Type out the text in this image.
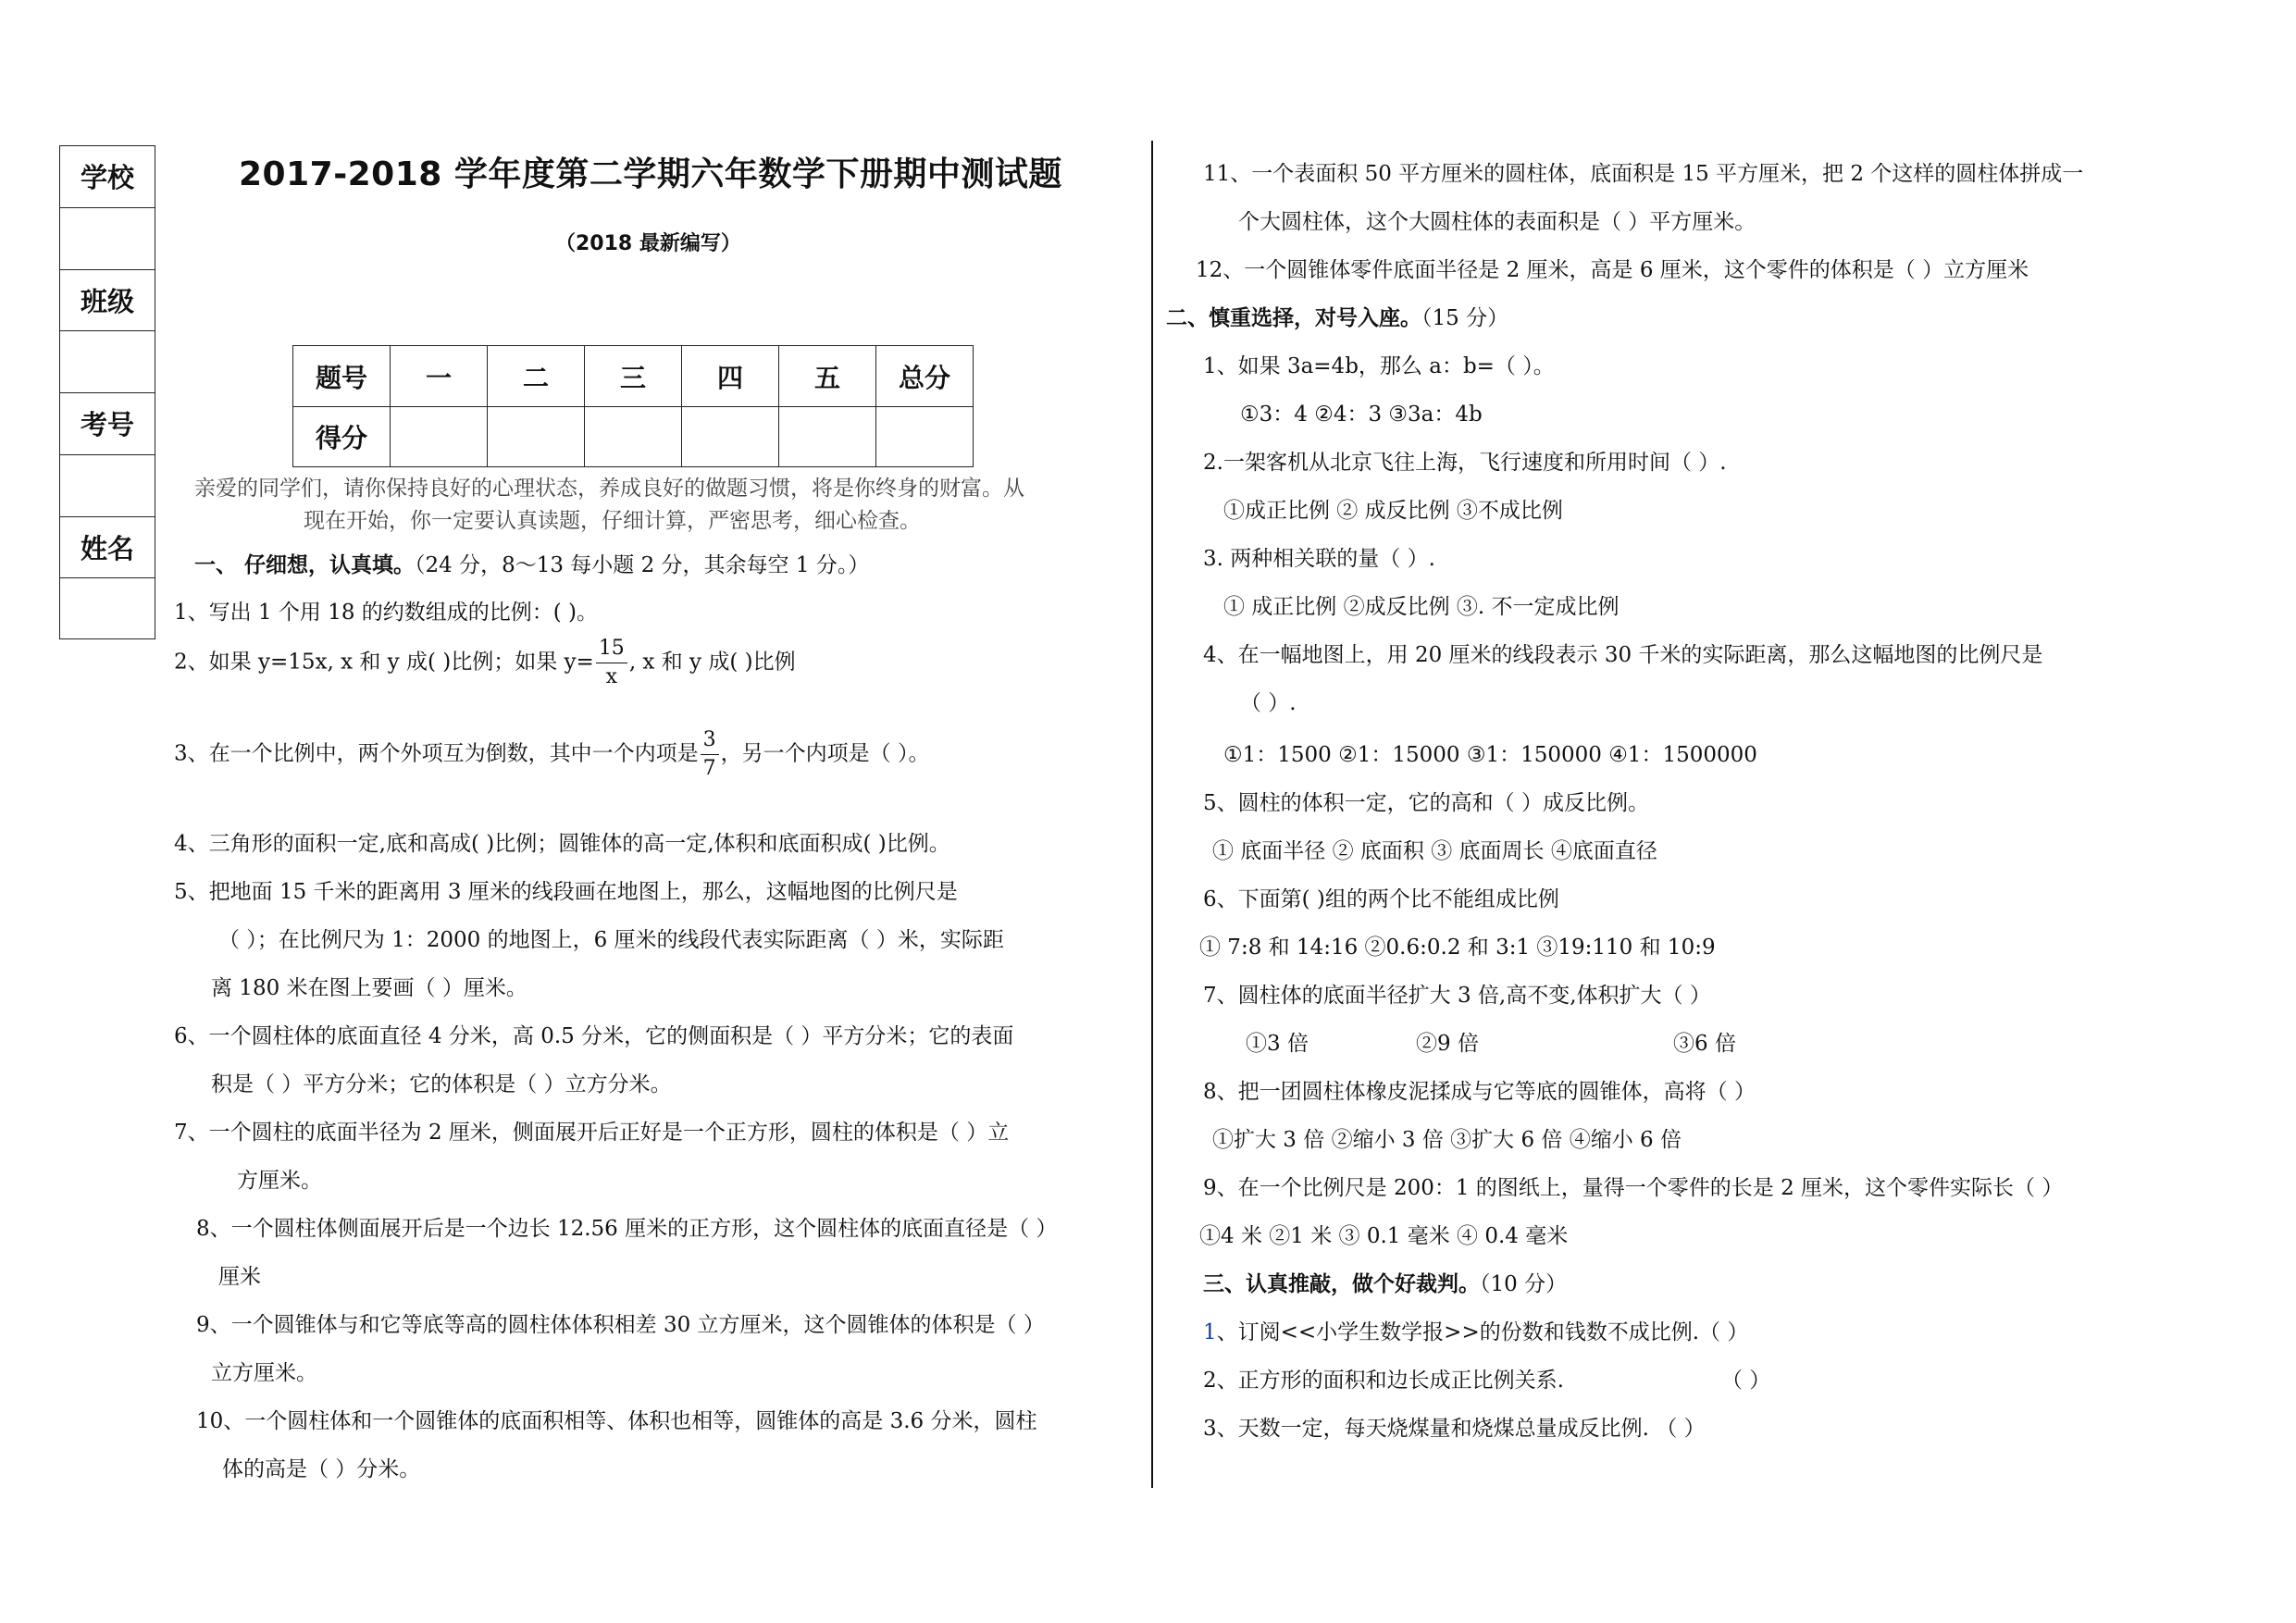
学校
班级
考号
姓名
2017-2018 学年度第二学期六年数学下册期中测试题
（2018 最新编写）
题号	一	二	三	四	五	总分
得分						
亲爱的同学们，请你保持良好的心理状态，养成良好的做题习惯，将是你终身的财富。从
现在开始，你一定要认真读题，仔细计算，严密思考，细心检查。
一、 仔细想，认真填。（24 分，8～13 每小题 2 分，其余每空 1 分。）
1、写出 1 个用 18 的约数组成的比例：( )。
2、如果 y=15x, x 和 y 成( )比例；如果 $y= \frac{15}{x}$ , x 和 y 成( )比例
3、在一个比例中，两个外项互为倒数，其中一个内项是 $\frac{3}{7}$ ，另一个内项是（ ）。
4、三角形的面积一定,底和高成( )比例；圆锥体的高一定,体积和底面积成( )比例。
5、把地面 15 千米的距离用 3 厘米的线段画在地图上，那么，这幅地图的比例尺是
（ ）；在比例尺为 1：2000 的地图上，6 厘米的线段代表实际距离（ ）米，实际距
离 180 米在图上要画（ ）厘米。
6、一个圆柱体的底面直径 4 分米，高 0.5 分米，它的侧面积是（ ）平方分米；它的表面
积是（ ）平方分米；它的体积是（ ）立方分米。
7、一个圆柱的底面半径为 2 厘米，侧面展开后正好是一个正方形，圆柱的体积是（ ）立
方厘米。
8、一个圆柱体侧面展开后是一个边长 12.56 厘米的正方形，这个圆柱体的底面直径是（ ）
厘米
9、一个圆锥体与和它等底等高的圆柱体体积相差 30 立方厘米，这个圆锥体的体积是（ ）
立方厘米。
10、一个圆柱体和一个圆锥体的底面积相等、体积也相等，圆锥体的高是 3.6 分米，圆柱
体的高是（ ）分米。
11、一个表面积 50 平方厘米的圆柱体，底面积是 15 平方厘米，把 2 个这样的圆柱体拼成一
个大圆柱体，这个大圆柱体的表面积是（ ）平方厘米。
12、一个圆锥体零件底面半径是 2 厘米，高是 6 厘米，这个零件的体积是（ ）立方厘米
二、慎重选择，对号入座。（15 分）
1、如果 3a=4b，那么 a：b=（ ）。
①3：4 ②4：3 ③3a：4b
2.一架客机从北京飞往上海，飞行速度和所用时间（ ）.
①成正比例 ② 成反比例 ③不成比例
3. 两种相关联的量（ ）.
① 成正比例 ②成反比例 ③. 不一定成比例
4、在一幅地图上，用 20 厘米的线段表示 30 千米的实际距离，那么这幅地图的比例尺是
（ ）.
①1：1500 ②1：15000 ③1：150000 ④1：1500000
5、圆柱的体积一定，它的高和（ ）成反比例。
① 底面半径 ② 底面积 ③ 底面周长 ④底面直径
6、下面第( )组的两个比不能组成比例
① 7:8 和 14:16 ②0.6:0.2 和 3:1 ③19:110 和 10:9
7、圆柱体的底面半径扩大 3 倍,高不变,体积扩大（ ）
①3 倍	②9 倍	③6 倍
8、把一团圆柱体橡皮泥揉成与它等底的圆锥体，高将（ ）
①扩大 3 倍 ②缩小 3 倍 ③扩大 6 倍 ④缩小 6 倍
9、在一个比例尺是 200：1 的图纸上，量得一个零件的长是 2 厘米，这个零件实际长（ ）
①4 米 ②1 米 ③ 0.1 毫米 ④ 0.4 毫米
三、认真推敲，做个好裁判。（10 分）
1、订阅<<小学生数学报>>的份数和钱数不成比例.（ ）
2、正方形的面积和边长成正比例关系.	（ ）
3、天数一定，每天烧煤量和烧煤总量成反比例. （ ）
